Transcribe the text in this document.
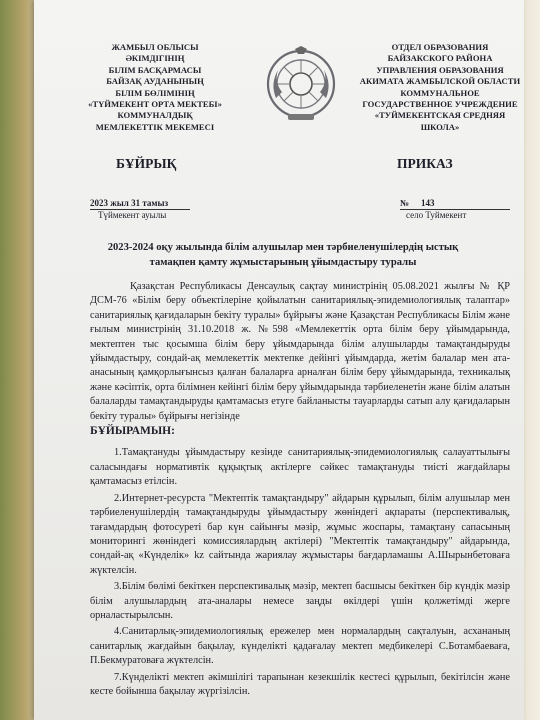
ЖАМБЫЛ ОБЛЫСЫ
ӘКІМДІГІНІҢ
БІЛІМ БАСҚАРМАСЫ
БАЙЗАҚ АУДАНЫНЫҢ
БІЛІМ БӨЛІМІНІҢ
«ТҮЙМЕКЕНТ ОРТА МЕКТЕБІ»
КОММУНАЛДЫҚ
МЕМЛЕКЕТТІК МЕКЕМЕСІ
ОТДЕЛ ОБРАЗОВАНИЯ
БАЙЗАКСКОГО РАЙОНА
УПРАВЛЕНИЯ ОБРАЗОВАНИЯ
АКИМАТА ЖАМБЫЛСКОЙ ОБЛАСТИ
КОММУНАЛЬНОЕ
ГОСУДАРСТВЕННОЕ УЧРЕЖДЕНИЕ
«ТУЙМЕКЕНТСКАЯ СРЕДНЯЯ
ШКОЛА»
БҰЙРЫҚ	ПРИКАЗ
2023 жыл 31 тамыз
Түймекент ауылы
№ 143
село Туймекент
2023-2024 оқу жылында білім алушылар мен тәрбиеленушілердің ыстық
тамақпен қамту жұмыстарының ұйымдастыру туралы

Қазақстан Республикасы Денсаулық сақтау министрінің 05.08.2021 жылғы № ҚР ДСМ-76 «Білім беру объектілеріне қойылатын санитариялық-эпидемиологиялық талаптар» санитариялық қағидаларын бекіту туралы» бұйрығы және Қазақстан Республикасы Білім және ғылым министрінің 31.10.2018 ж. №598 «Мемлекеттік орта білім беру ұйымдарында, мектептен тыс қосымша білім беру ұйымдарында білім алушыларды тамақтандыруды ұйымдастыру, сондай-ақ мемлекеттік мектепке дейінгі ұйымдарда, жетім балалар мен ата-анасының қамқорлығынсыз қалған балаларға арналған білім беру ұйымдарында, техникалық және кәсіптік, орта білімнен кейінгі білім беру ұйымдарында тәрбиеленетін және білім алатын балаларды тамақтандыруды қамтамасыз етуге байланысты тауарларды сатып алу қағидаларын бекіту туралы» бұйрығы негізінде

БҰЙЫРАМЫН:

1.Тамақтануды ұйымдастыру кезінде санитариялық-эпидемиологиялық салауаттылығы саласындағы нормативтік құқықтық актілерге сәйкес тамақтануды тиісті жағдайлары қамтамасыз етілсін.

2.Интернет-ресурста "Мектептік тамақтандыру" айдарын құрылып, білім алушылар мен тәрбиеленушілердің тамақтандыруды ұйымдастыру жөніндегі ақпараты (перспективалық, тағамдардың фотосуреті бар күн сайынғы мәзір, жұмыс жоспары, тамақтану сапасының мониторингі жөніндегі комиссиялардың актілері) "Мектептік тамақтандыру" айдарында, сондай-ақ «Күнделік» kz сайтында жариялау жұмыстары бағдарламашы А.Шырынбетоваға жүктелсін.

3.Білім бөлімі бекіткен перспективалық мәзір, мектеп басшысы бекіткен бір күндік мәзір білім алушылардың ата-аналары немесе заңды өкілдері үшін қолжетімді жерге орналастырылсын.

4.Санитарлық-эпидемиологиялық ережелер мен нормалардың сақталуын, асхананың санитарлық жағдайын бақылау, күнделікті қадағалау мектеп медбикелері С.Ботамбаеваға, П.Бекмуратоваға жүктелсін.

7.Күнделікті мектеп әкімшілігі тарапынан кезекшілік кестесі құрылып, бекітілсін және кесте бойынша бақылау жүргізілсін.
